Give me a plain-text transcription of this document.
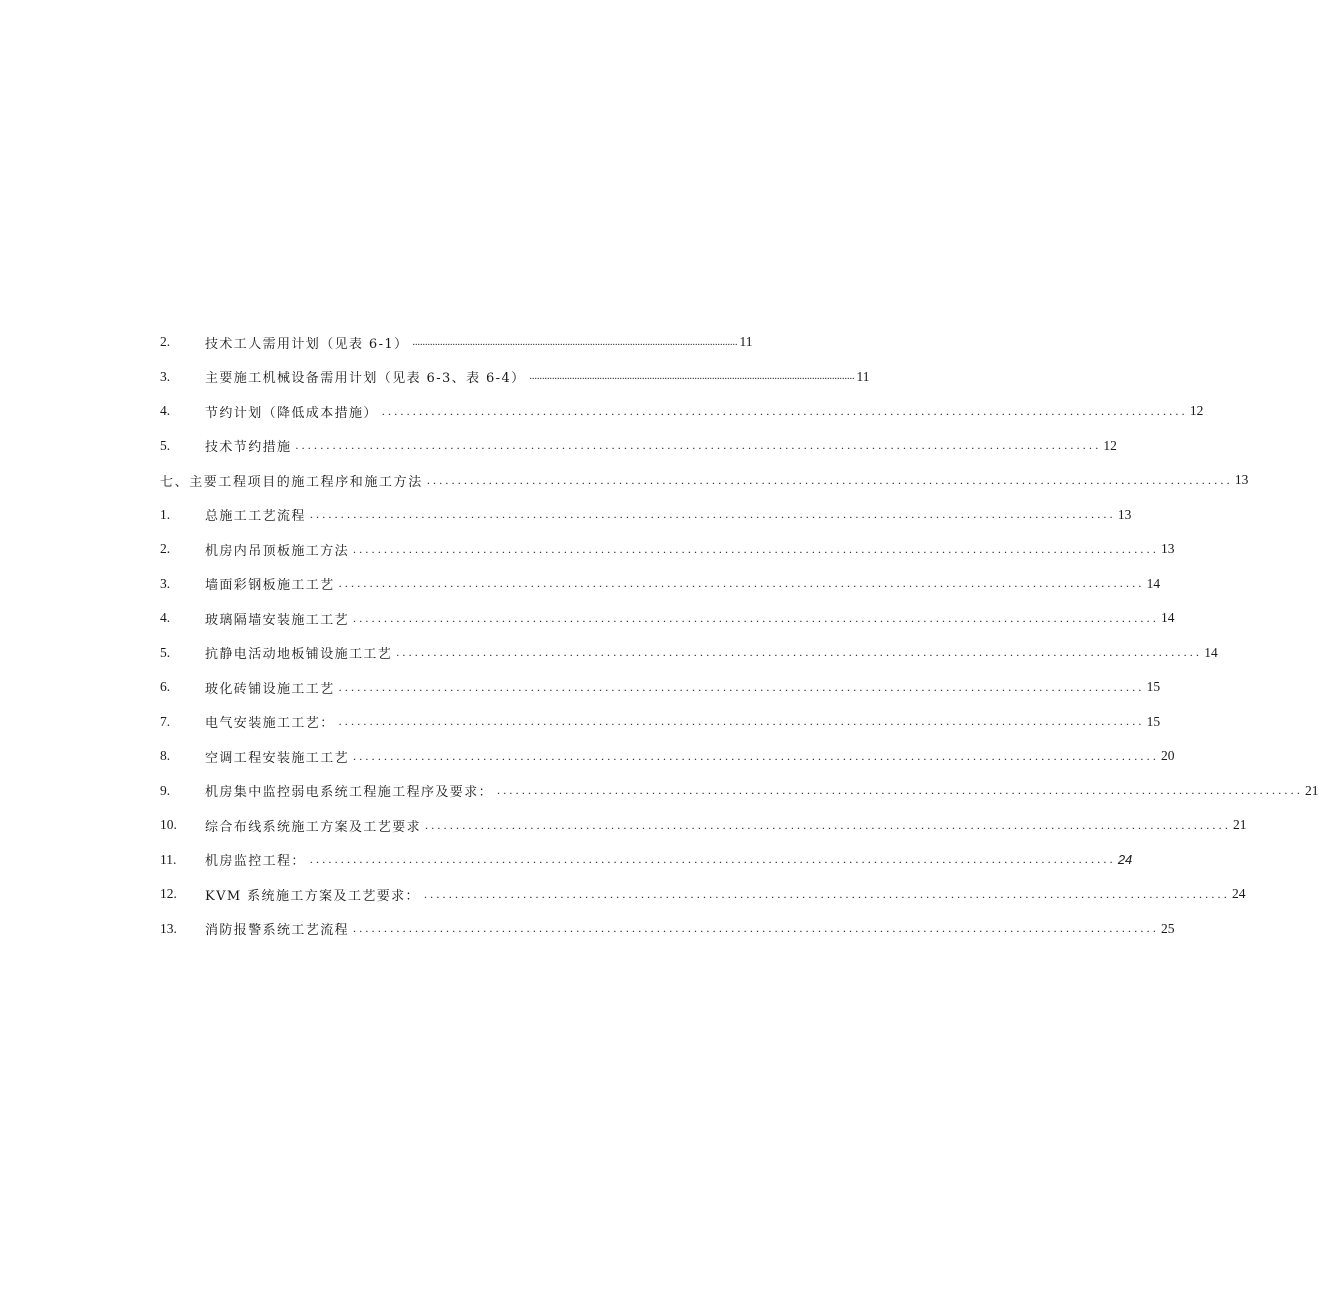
2.	技术工人需用计划（见表 6-1） .................................................................................................................................. 11
3.	主要施工机械设备需用计划（见表 6-3、表 6-4） .................................................................................................................................. 11
4.	节约计划（降低成本措施） .................................................................................................................................. 12
5.	技术节约措施 .................................................................................................................................. 12
七、主要工程项目的施工程序和施工方法 .................................................................................................................................. 13
1.	总施工工艺流程 .................................................................................................................................. 13
2.	机房内吊顶板施工方法 .................................................................................................................................. 13
3.	墙面彩钢板施工工艺 .................................................................................................................................. 14
4.	玻璃隔墙安装施工工艺 .................................................................................................................................. 14
5.	抗静电活动地板铺设施工工艺 .................................................................................................................................. 14
6.	玻化砖铺设施工工艺 .................................................................................................................................. 15
7.	电气安装施工工艺： .................................................................................................................................. 15
8.	空调工程安装施工工艺 .................................................................................................................................. 20
9.	机房集中监控弱电系统工程施工程序及要求： .................................................................................................................................. 21
10.	综合布线系统施工方案及工艺要求 .................................................................................................................................. 21
11.	机房监控工程： .................................................................................................................................. 24
12.	KVM 系统施工方案及工艺要求： .................................................................................................................................. 24
13.	消防报警系统工艺流程 .................................................................................................................................. 25
